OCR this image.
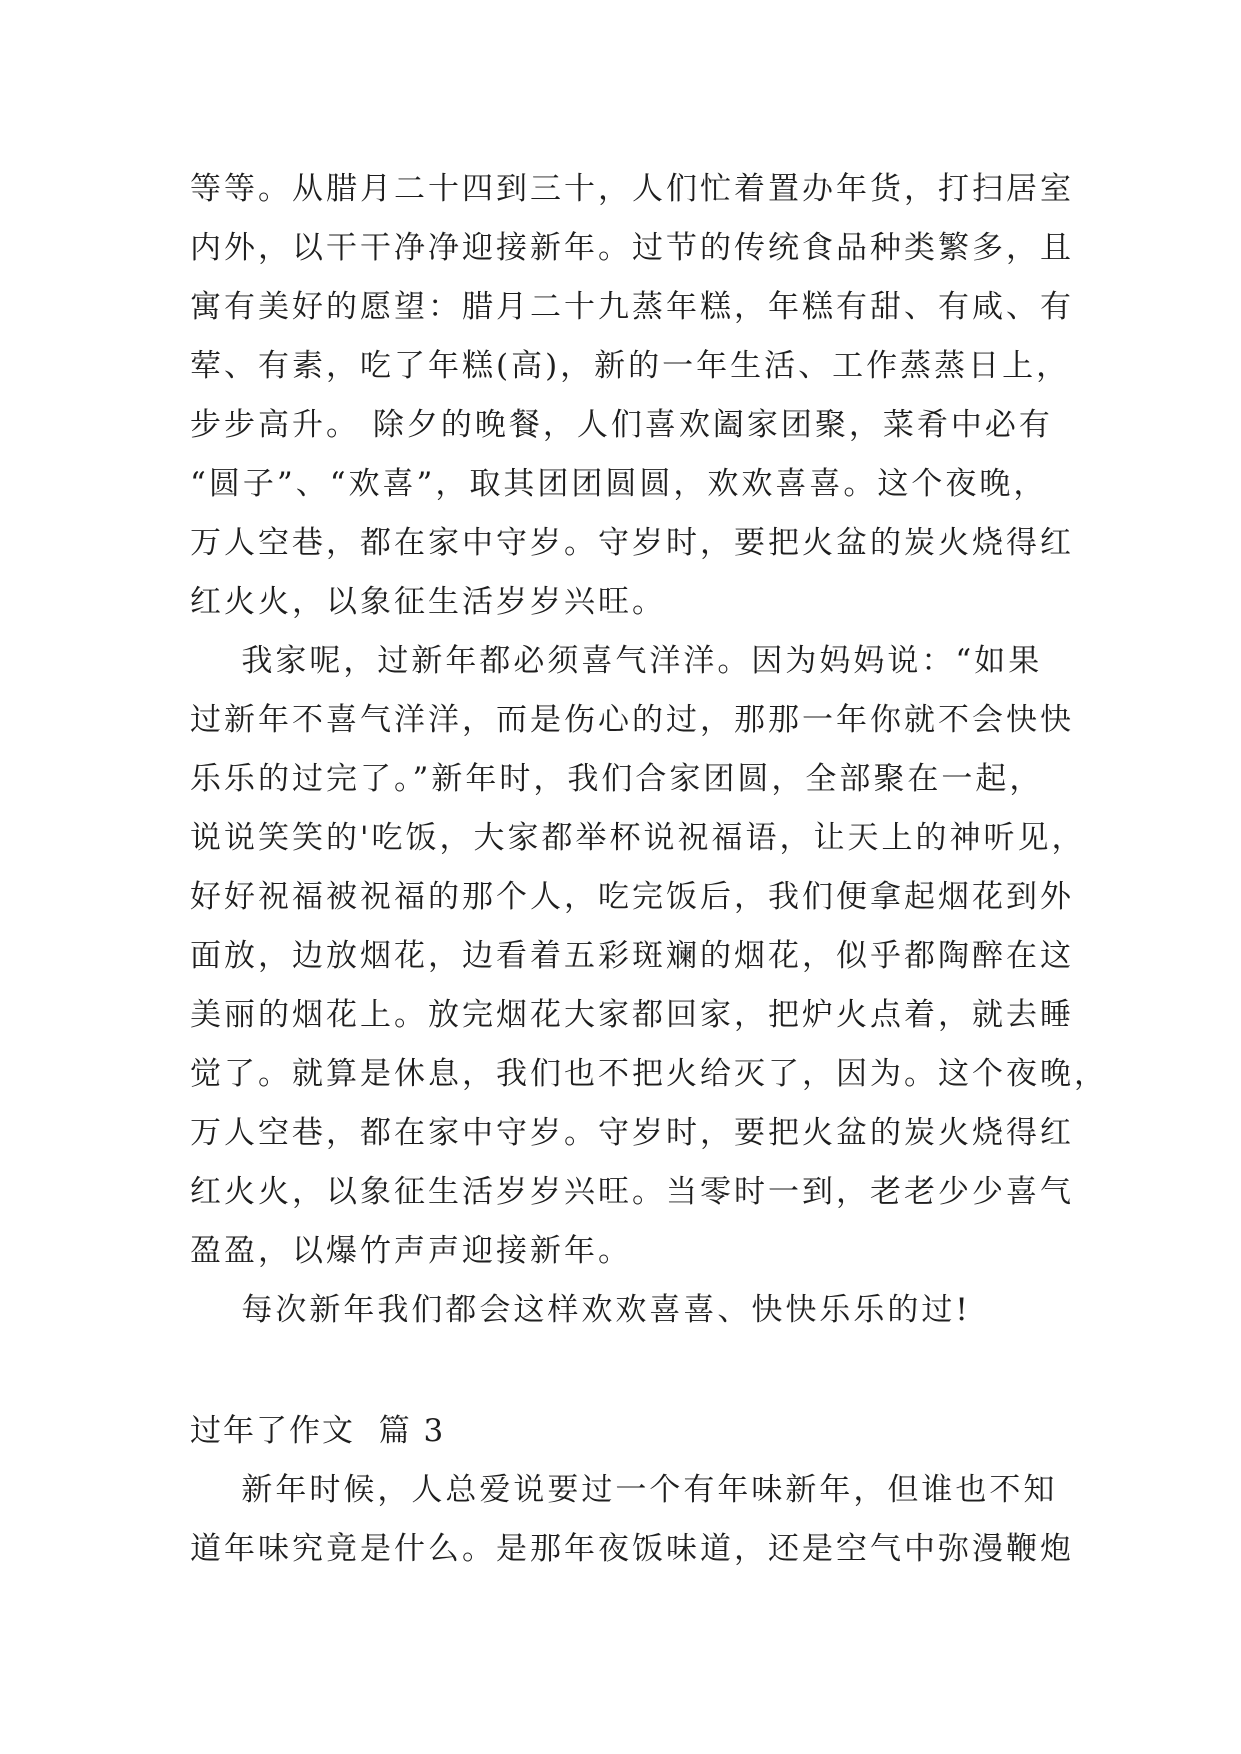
等等。从腊月二十四到三十，人们忙着置办年货，打扫居室
内外，以干干净净迎接新年。过节的传统食品种类繁多，且
寓有美好的愿望：腊月二十九蒸年糕，年糕有甜、有咸、有
荤、有素，吃了年糕(高)，新的一年生活、工作蒸蒸日上，
步步高升。 除夕的晚餐，人们喜欢阖家团聚，菜肴中必有
“圆子”、“欢喜”，取其团团圆圆，欢欢喜喜。这个夜晚，
万人空巷，都在家中守岁。守岁时，要把火盆的炭火烧得红
红火火，以象征生活岁岁兴旺。
我家呢，过新年都必须喜气洋洋。因为妈妈说：“如果
过新年不喜气洋洋，而是伤心的过，那那一年你就不会快快
乐乐的过完了。”新年时，我们合家团圆，全部聚在一起，
说说笑笑的'吃饭，大家都举杯说祝福语，让天上的神听见，
好好祝福被祝福的那个人，吃完饭后，我们便拿起烟花到外
面放，边放烟花，边看着五彩斑斓的烟花，似乎都陶醉在这
美丽的烟花上。放完烟花大家都回家，把炉火点着，就去睡
觉了。就算是休息，我们也不把火给灭了，因为。这个夜晚，
万人空巷，都在家中守岁。守岁时，要把火盆的炭火烧得红
红火火，以象征生活岁岁兴旺。当零时一到，老老少少喜气
盈盈，以爆竹声声迎接新年。
每次新年我们都会这样欢欢喜喜、快快乐乐的过!
过年了作文  篇 3
新年时候，人总爱说要过一个有年味新年，但谁也不知
道年味究竟是什么。是那年夜饭味道，还是空气中弥漫鞭炮
